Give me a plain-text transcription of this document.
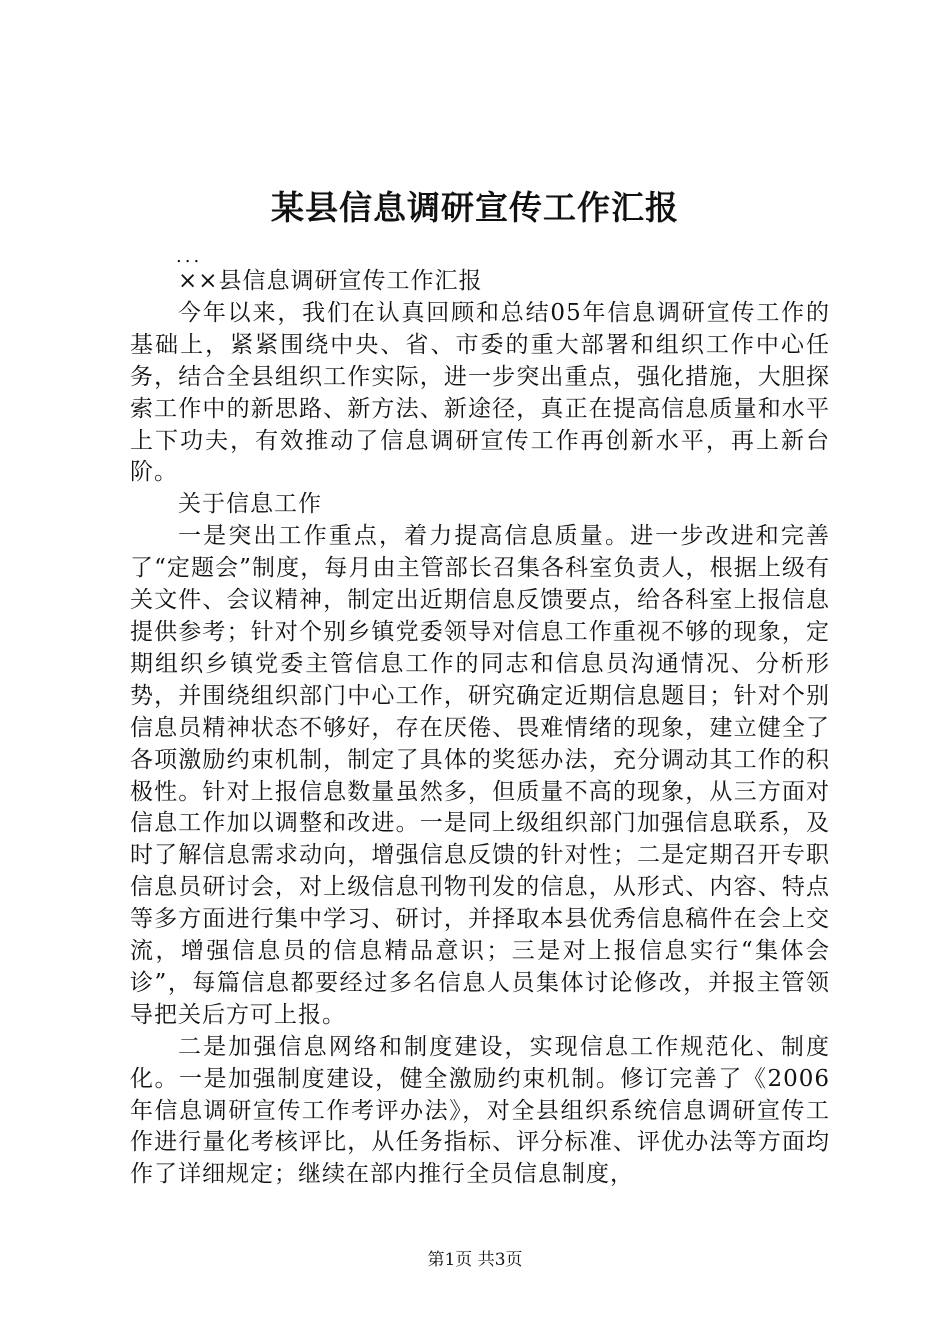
某县信息调研宣传工作汇报
...

××县信息调研宣传工作汇报

今年以来，我们在认真回顾和总结05年信息调研宣传工作的基础上，紧紧围绕中央、省、市委的重大部署和组织工作中心任务，结合全县组织工作实际，进一步突出重点，强化措施，大胆探索工作中的新思路、新方法、新途径，真正在提高信息质量和水平上下功夫，有效推动了信息调研宣传工作再创新水平，再上新台阶。

关于信息工作

一是突出工作重点，着力提高信息质量。进一步改进和完善了“定题会”制度，每月由主管部长召集各科室负责人，根据上级有关文件、会议精神，制定出近期信息反馈要点，给各科室上报信息提供参考；针对个别乡镇党委领导对信息工作重视不够的现象，定期组织乡镇党委主管信息工作的同志和信息员沟通情况、分析形势，并围绕组织部门中心工作，研究确定近期信息题目；针对个别信息员精神状态不够好，存在厌倦、畏难情绪的现象，建立健全了各项激励约束机制，制定了具体的奖惩办法，充分调动其工作的积极性。针对上报信息数量虽然多，但质量不高的现象，从三方面对信息工作加以调整和改进。一是同上级组织部门加强信息联系，及时了解信息需求动向，增强信息反馈的针对性；二是定期召开专职信息员研讨会，对上级信息刊物刊发的信息，从形式、内容、特点等多方面进行集中学习、研讨，并择取本县优秀信息稿件在会上交流，增强信息员的信息精品意识；三是对上报信息实行“集体会诊”，每篇信息都要经过多名信息人员集体讨论修改，并报主管领导把关后方可上报。

二是加强信息网络和制度建设，实现信息工作规范化、制度化。一是加强制度建设，健全激励约束机制。修订完善了《2006年信息调研宣传工作考评办法》，对全县组织系统信息调研宣传工作进行量化考核评比，从任务指标、评分标准、评优办法等方面均作了详细规定；继续在部内推行全员信息制度，

第1页 共3页
